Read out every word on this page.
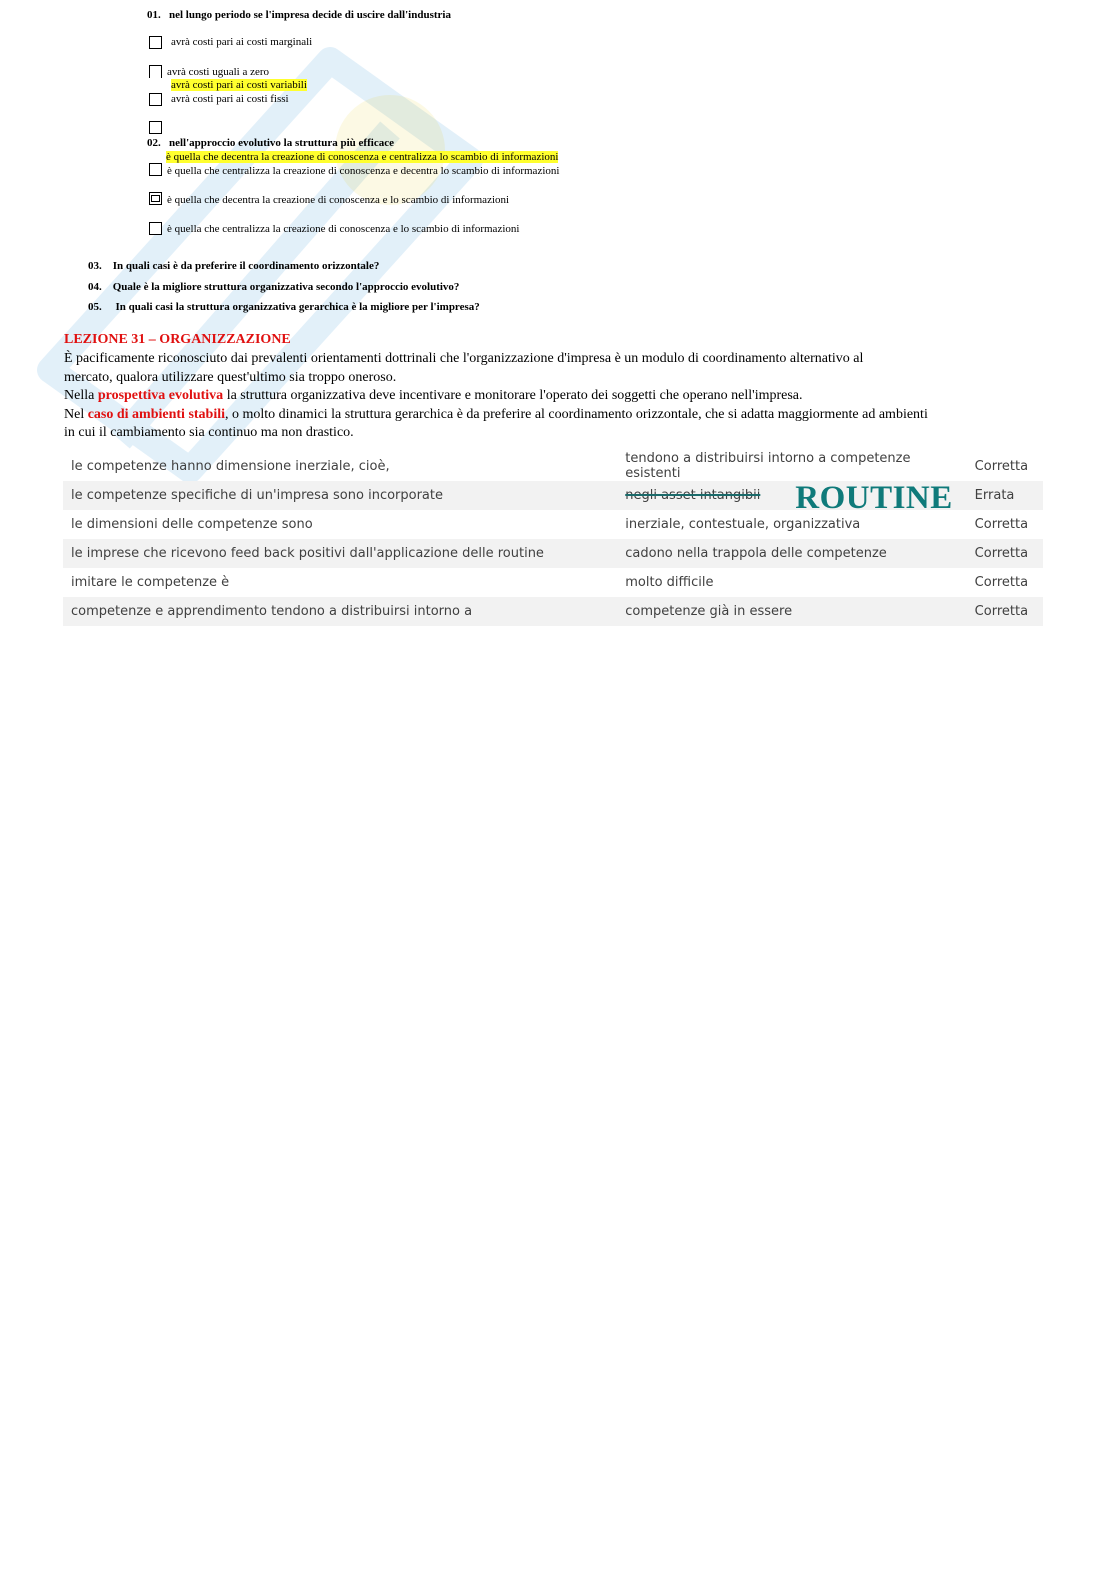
01. nel lungo periodo se l'impresa decide di uscire dall'industria
avrà costi pari ai costi marginali
avrà costi uguali a zero
avrà costi pari ai costi variabili
avrà costi pari ai costi fissi
02. nell'approccio evolutivo la struttura più efficace
è quella che decentra la creazione di conoscenza e centralizza lo scambio di informazioni
è quella che centralizza la creazione di conoscenza e decentra lo scambio di informazioni
è quella che decentra la creazione di conoscenza e lo scambio di informazioni
è quella che centralizza la creazione di conoscenza e lo scambio di informazioni
03. In quali casi è da preferire il coordinamento orizzontale?
04. Quale è la migliore struttura organizzativa secondo l'approccio evolutivo?
05. In quali casi la struttura organizzativa gerarchica è la migliore per l'impresa?
LEZIONE 31 – ORGANIZZAZIONE
È pacificamente riconosciuto dai prevalenti orientamenti dottrinali che l'organizzazione d'impresa è un modulo di coordinamento alternativo al
mercato, qualora utilizzare quest'ultimo sia troppo oneroso.
Nella prospettiva evolutiva la struttura organizzativa deve incentivare e monitorare l'operato dei soggetti che operano nell'impresa.
Nel caso di ambienti stabili, o molto dinamici la struttura gerarchica è da preferire al coordinamento orizzontale, che si adatta maggiormente ad ambienti
in cui il cambiamento sia continuo ma non drastico.
le competenze hanno dimensione inerziale, cioè,	tendono a distribuirsi intorno a competenze esistenti	Corretta
le competenze specifiche di un'impresa sono incorporate	negli asset intangibii ROUTINE	Errata
le dimensioni delle competenze sono	inerziale, contestuale, organizzativa	Corretta
le imprese che ricevono feed back positivi dall'applicazione delle routine	cadono nella trappola delle competenze	Corretta
imitare le competenze è	molto difficile	Corretta
competenze e apprendimento tendono a distribuirsi intorno a	competenze già in essere	Corretta
